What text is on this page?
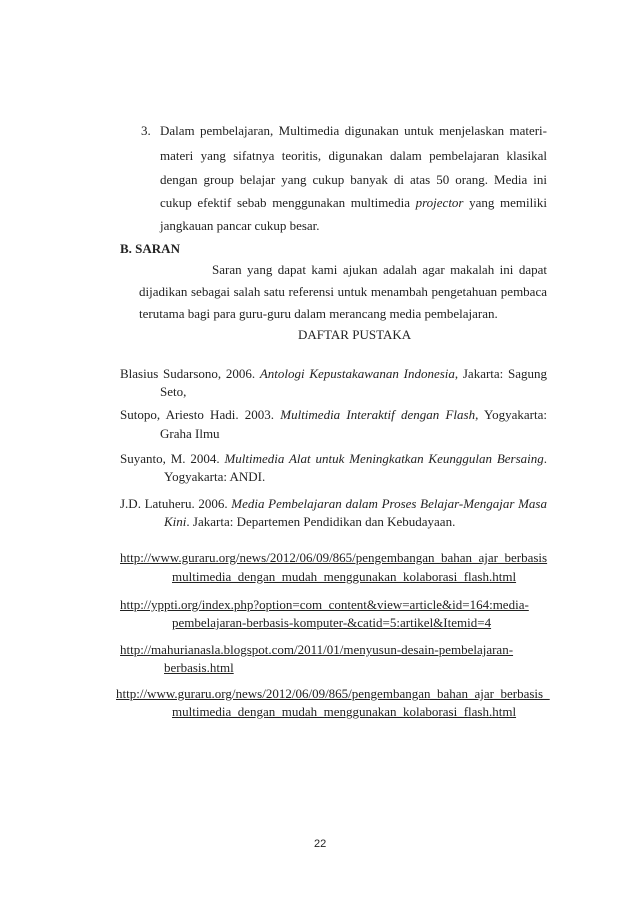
3. Dalam pembelajaran, Multimedia digunakan untuk menjelaskan materi-
materi yang sifatnya teoritis, digunakan dalam pembelajaran klasikal
dengan group belajar yang cukup banyak di atas 50 orang. Media ini
cukup efektif sebab menggunakan multimedia projector yang memiliki
jangkauan pancar cukup besar.
B. SARAN
Saran yang dapat kami ajukan adalah agar makalah ini dapat
dijadikan sebagai salah satu referensi untuk menambah pengetahuan pembaca
terutama bagi para guru-guru dalam merancang media pembelajaran.
DAFTAR PUSTAKA
Blasius Sudarsono, 2006. Antologi Kepustakawanan Indonesia, Jakarta: Sagung
Seto,
Sutopo, Ariesto Hadi. 2003. Multimedia Interaktif dengan Flash, Yogyakarta:
Graha Ilmu
Suyanto, M. 2004. Multimedia Alat untuk Meningkatkan Keunggulan Bersaing.
Yogyakarta: ANDI.
J.D. Latuheru. 2006. Media Pembelajaran dalam Proses Belajar-Mengajar Masa
Kini. Jakarta: Departemen Pendidikan dan Kebudayaan.
http://www.guraru.org/news/2012/06/09/865/pengembangan_bahan_ajar_berbasis
multimedia_dengan_mudah_menggunakan_kolaborasi_flash.html
http://yppti.org/index.php?option=com_content&view=article&id=164:media-
pembelajaran-berbasis-komputer-&catid=5:artikel&Itemid=4
http://mahurianasla.blogspot.com/2011/01/menyusun-desain-pembelajaran-
berbasis.html
http://www.guraru.org/news/2012/06/09/865/pengembangan_bahan_ajar_berbasis_
multimedia_dengan_mudah_menggunakan_kolaborasi_flash.html
22
